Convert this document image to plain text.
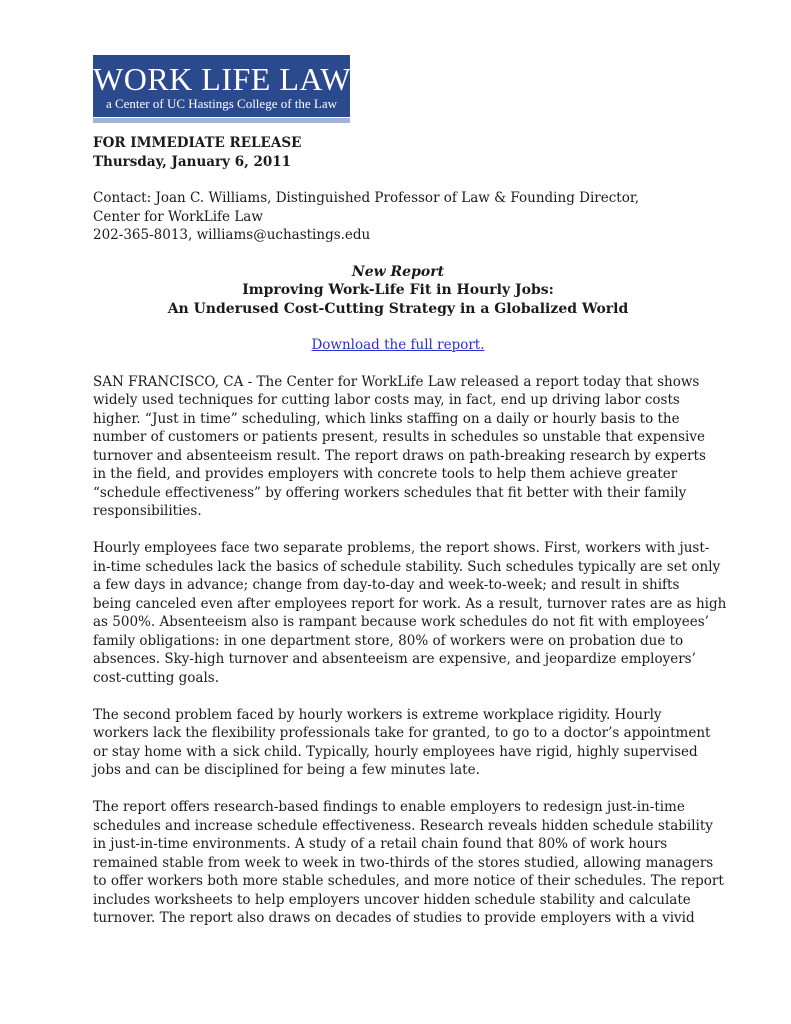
WORK LIFE LAW
a Center of UC Hastings College of the Law
FOR IMMEDIATE RELEASE
Thursday, January 6, 2011
Contact: Joan C. Williams, Distinguished Professor of Law & Founding Director,
Center for WorkLife Law
202-365-8013, williams@uchastings.edu
New Report
Improving Work-Life Fit in Hourly Jobs:
An Underused Cost-Cutting Strategy in a Globalized World
Download the full report.
SAN FRANCISCO, CA - The Center for WorkLife Law released a report today that shows
widely used techniques for cutting labor costs may, in fact, end up driving labor costs
higher. “Just in time” scheduling, which links staffing on a daily or hourly basis to the
number of customers or patients present, results in schedules so unstable that expensive
turnover and absenteeism result. The report draws on path-breaking research by experts
in the field, and provides employers with concrete tools to help them achieve greater
“schedule effectiveness” by offering workers schedules that fit better with their family
responsibilities.
Hourly employees face two separate problems, the report shows. First, workers with just-
in-time schedules lack the basics of schedule stability. Such schedules typically are set only
a few days in advance; change from day-to-day and week-to-week; and result in shifts
being canceled even after employees report for work. As a result, turnover rates are as high
as 500%. Absenteeism also is rampant because work schedules do not fit with employees’
family obligations: in one department store, 80% of workers were on probation due to
absences. Sky-high turnover and absenteeism are expensive, and jeopardize employers’
cost-cutting goals.
The second problem faced by hourly workers is extreme workplace rigidity. Hourly
workers lack the flexibility professionals take for granted, to go to a doctor’s appointment
or stay home with a sick child. Typically, hourly employees have rigid, highly supervised
jobs and can be disciplined for being a few minutes late.
The report offers research-based findings to enable employers to redesign just-in-time
schedules and increase schedule effectiveness. Research reveals hidden schedule stability
in just-in-time environments. A study of a retail chain found that 80% of work hours
remained stable from week to week in two-thirds of the stores studied, allowing managers
to offer workers both more stable schedules, and more notice of their schedules. The report
includes worksheets to help employers uncover hidden schedule stability and calculate
turnover. The report also draws on decades of studies to provide employers with a vivid
